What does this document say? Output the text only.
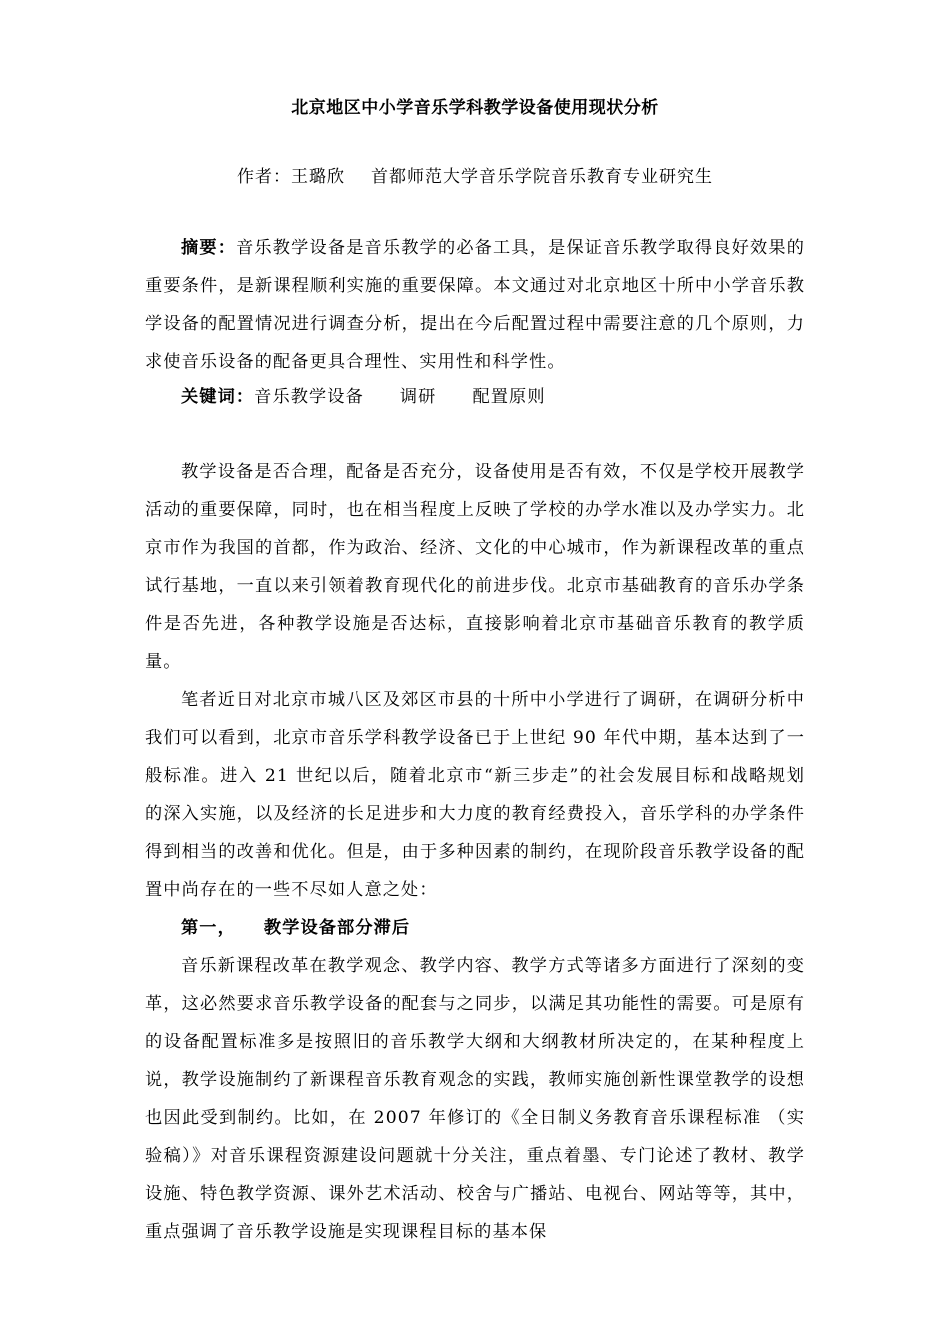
北京地区中小学音乐学科教学设备使用现状分析
作者：王璐欣 首都师范大学音乐学院音乐教育专业研究生

摘要：音乐教学设备是音乐教学的必备工具，是保证音乐教学取得良好效果的重要条件，是新课程顺利实施的重要保障。本文通过对北京地区十所中小学音乐教学设备的配置情况进行调查分析，提出在今后配置过程中需要注意的几个原则，力求使音乐设备的配备更具合理性、实用性和科学性。

关键词：音乐教学设备 调研 配置原则

教学设备是否合理，配备是否充分，设备使用是否有效，不仅是学校开展教学活动的重要保障，同时，也在相当程度上反映了学校的办学水准以及办学实力。北京市作为我国的首都，作为政治、经济、文化的中心城市，作为新课程改革的重点试行基地，一直以来引领着教育现代化的前进步伐。北京市基础教育的音乐办学条件是否先进，各种教学设施是否达标，直接影响着北京市基础音乐教育的教学质量。

笔者近日对北京市城八区及郊区市县的十所中小学进行了调研，在调研分析中我们可以看到，北京市音乐学科教学设备已于上世纪 90 年代中期，基本达到了一般标准。进入 21 世纪以后，随着北京市“新三步走”的社会发展目标和战略规划的深入实施，以及经济的长足进步和大力度的教育经费投入，音乐学科的办学条件得到相当的改善和优化。但是，由于多种因素的制约，在现阶段音乐教学设备的配置中尚存在的一些不尽如人意之处：

第一， 教学设备部分滞后

音乐新课程改革在教学观念、教学内容、教学方式等诸多方面进行了深刻的变革，这必然要求音乐教学设备的配套与之同步，以满足其功能性的需要。可是原有的设备配置标准多是按照旧的音乐教学大纲和大纲教材所决定的，在某种程度上说，教学设施制约了新课程音乐教育观念的实践，教师实施创新性课堂教学的设想也因此受到制约。比如，在 2007 年修订的《全日制义务教育音乐课程标准 （实验稿）》对音乐课程资源建设问题就十分关注，重点着墨、专门论述了教材、教学设施、特色教学资源、课外艺术活动、校舍与广播站、电视台、网站等等，其中，重点强调了音乐教学设施是实现课程目标的基本保
